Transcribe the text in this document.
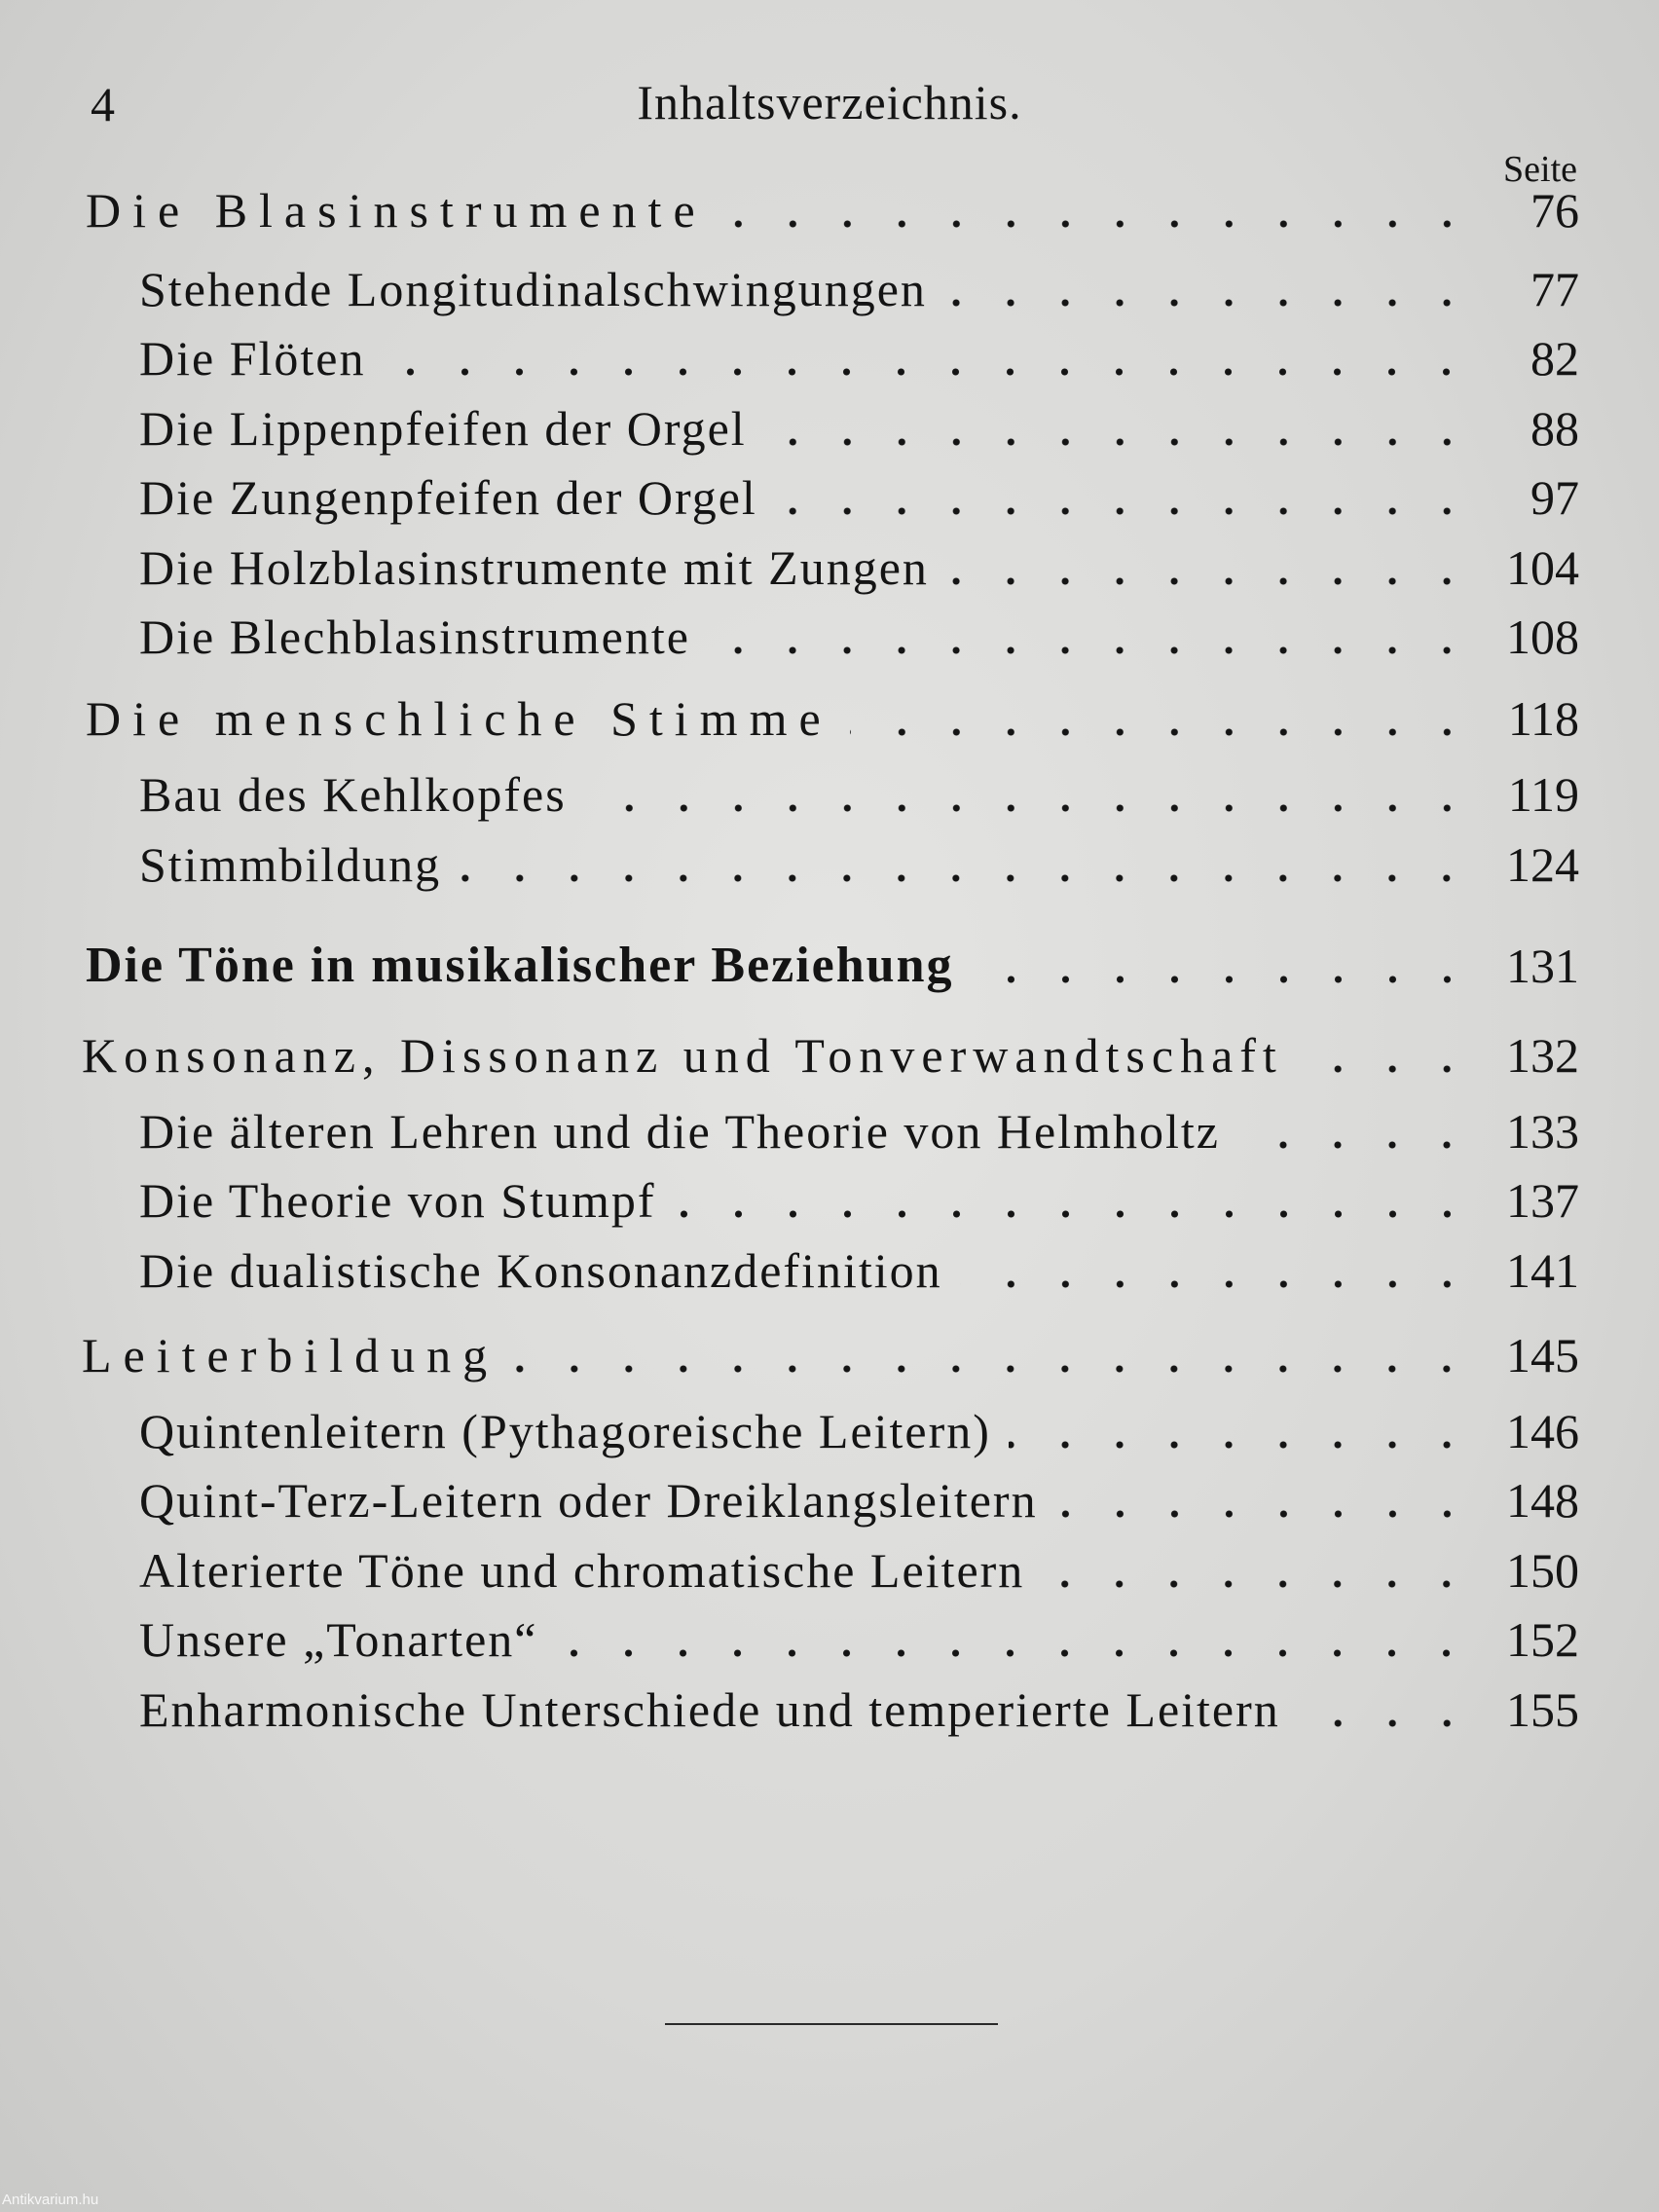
4	Inhaltsverzeichnis.
Seite
Die Blasinstrumente	76
Stehende Longitudinalschwingungen	77
Die Flöten	82
Die Lippenpfeifen der Orgel	88
Die Zungenpfeifen der Orgel	97
Die Holzblasinstrumente mit Zungen	104
Die Blechblasinstrumente	108
Die menschliche Stimme	118
Bau des Kehlkopfes	119
Stimmbildung	124
Die Töne in musikalischer Beziehung	131
Konsonanz, Dissonanz und Tonverwandtschaft	132
Die älteren Lehren und die Theorie von Helmholtz	133
Die Theorie von Stumpf	137
Die dualistische Konsonanzdefinition	141
Leiterbildung	145
Quintenleitern (Pythagoreische Leitern)	146
Quint-Terz-Leitern oder Dreiklangsleitern	148
Alterierte Töne und chromatische Leitern	150
Unsere „Tonarten“	152
Enharmonische Unterschiede und temperierte Leitern	155
Antikvarium.hu
